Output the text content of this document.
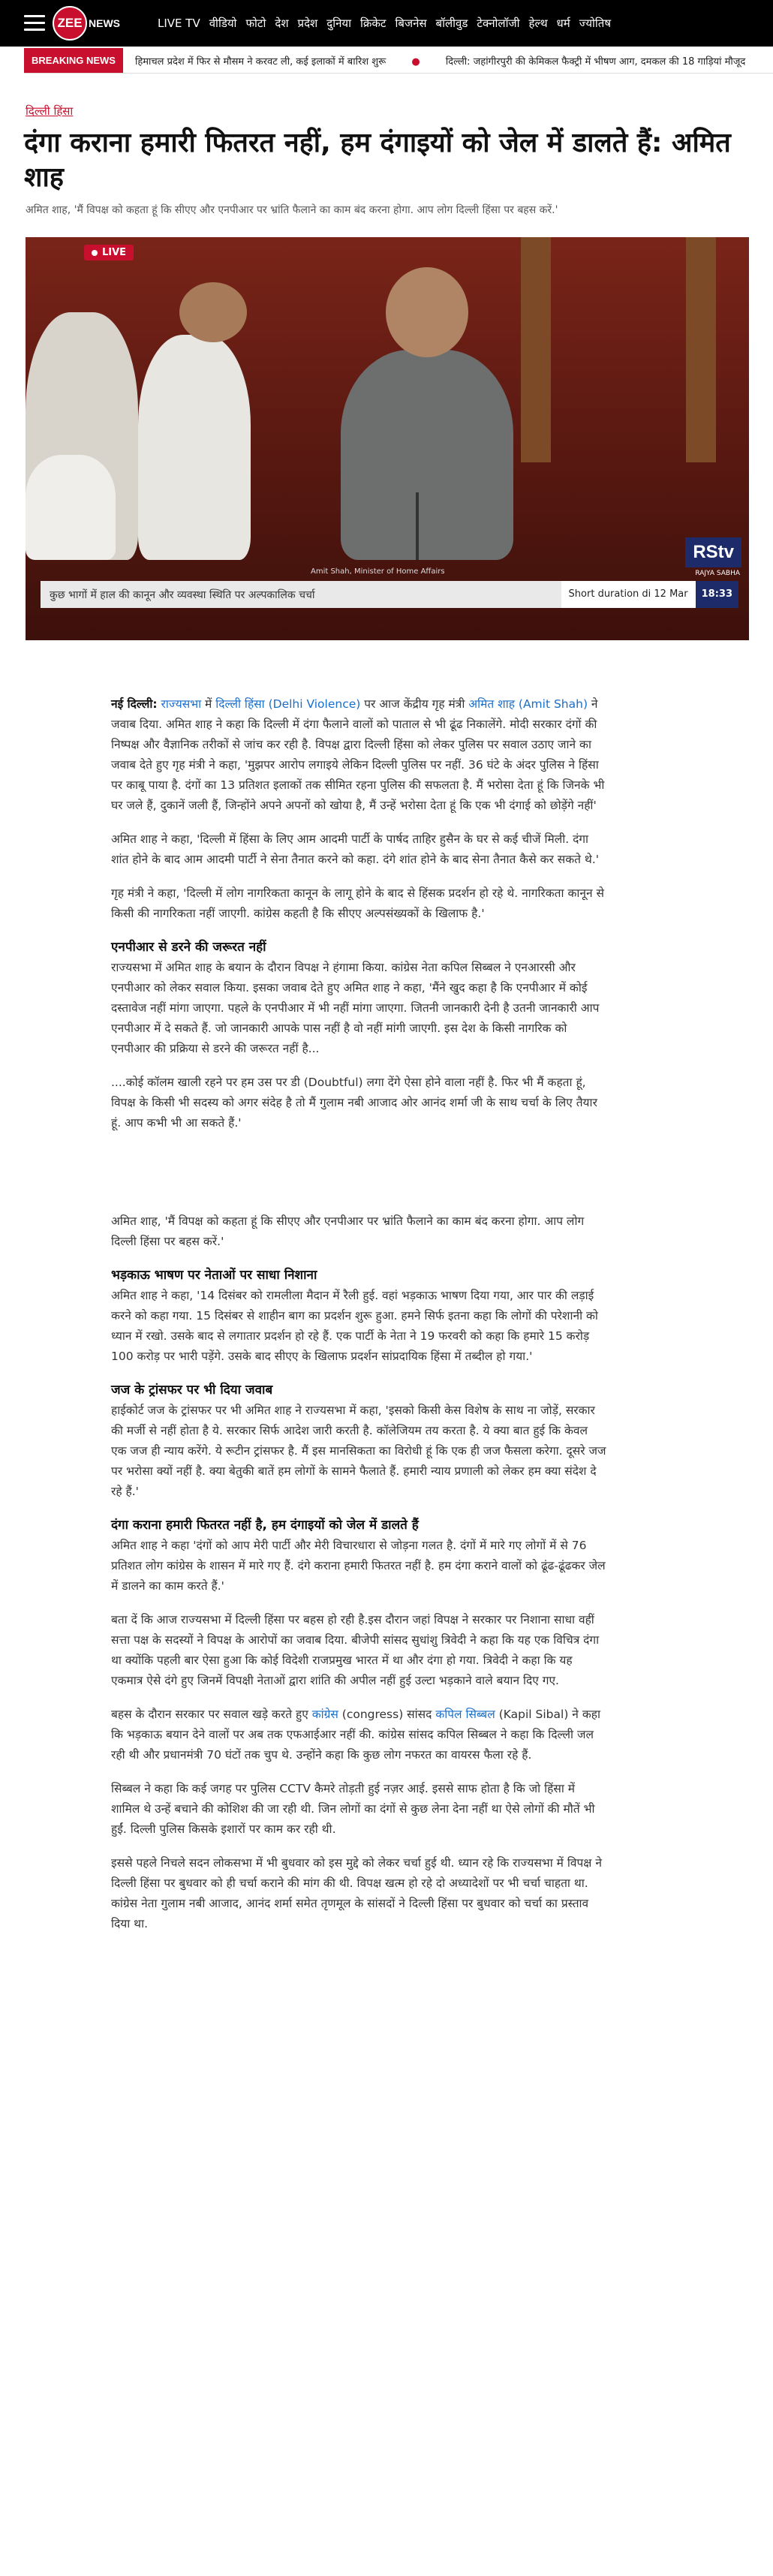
ZEE NEWS	LIVE TV वीडियो फोटो देश प्रदेश दुनिया क्रिकेट बिजनेस बॉलीवुड टेक्नोलॉजी हेल्थ धर्म ज्योतिष
BREAKING NEWS	हिमाचल प्रदेश में फिर से मौसम ने करवट ली, कई इलाकों में बारिश शुरू	●	दिल्ली: जहांगीरपुरी की केमिकल फैक्ट्री में भीषण आग, दमकल की 18 गाड़ियां मौजूद
दिल्ली हिंसा
दंगा कराना हमारी फितरत नहीं, हम दंगाइयों को जेल में डालते हैं: अमित शाह
अमित शाह, 'मैं विपक्ष को कहता हूं कि सीएए और एनपीआर पर भ्रांति फैलाने का काम बंद करना होगा. आप लोग दिल्ली हिंसा पर बहस करें.'
LIVE
RStv
RAJYA SABHA
Amit Shah, Minister of Home Affairs
कुछ भागों में हाल की कानून और व्यवस्था स्थिति पर अल्पकालिक चर्चा	Short duration di 12 Mar	18:33

नई दिल्ली: राज्यसभा में दिल्ली हिंसा (Delhi Violence) पर आज केंद्रीय गृह मंत्री अमित शाह (Amit Shah) ने जवाब दिया. अमित शाह ने कहा कि दिल्ली में दंगा फैलाने वालों को पाताल से भी ढूंढ निकालेंगे. मोदी सरकार दंगों की निष्पक्ष और वैज्ञानिक तरीकों से जांच कर रही है. विपक्ष द्वारा दिल्ली हिंसा को लेकर पुलिस पर सवाल उठाए जाने का जवाब देते हुए गृह मंत्री ने कहा, 'मुझपर आरोप लगाइये लेकिन दिल्ली पुलिस पर नहीं. 36 घंटे के अंदर पुलिस ने हिंसा पर काबू पाया है. दंगों का 13 प्रतिशत इलाकों तक सीमित रहना पुलिस की सफलता है. मैं भरोसा देता हूं कि जिनके भी घर जले हैं, दुकानें जली हैं, जिन्होंने अपने अपनों को खोया है, मैं उन्हें भरोसा देता हूं कि एक भी दंगाई को छोड़ेंगे नहीं'

अमित शाह ने कहा, 'दिल्ली में हिंसा के लिए आम आदमी पार्टी के पार्षद ताहिर हुसैन के घर से कई चीजें मिली. दंगा शांत होने के बाद आम आदमी पार्टी ने सेना तैनात करने को कहा. दंगे शांत होने के बाद सेना तैनात कैसे कर सकते थे.'

गृह मंत्री ने कहा, 'दिल्ली में लोग नागरिकता कानून के लागू होने के बाद से हिंसक प्रदर्शन हो रहे थे. नागरिकता कानून से किसी की नागरिकता नहीं जाएगी. कांग्रेस कहती है कि सीएए अल्पसंख्यकों के खिलाफ है.'

एनपीआर से डरने की जरूरत नहीं

राज्यसभा में अमित शाह के बयान के दौरान विपक्ष ने हंगामा किया. कांग्रेस नेता कपिल सिब्बल ने एनआरसी और एनपीआर को लेकर सवाल किया. इसका जवाब देते हुए अमित शाह ने कहा, 'मैंने खुद कहा है कि एनपीआर में कोई दस्तावेज नहीं मांगा जाएगा. पहले के एनपीआर में भी नहीं मांगा जाएगा. जितनी जानकारी देनी है उतनी जानकारी आप एनपीआर में दे सकते हैं. जो जानकारी आपके पास नहीं है वो नहीं मांगी जाएगी. इस देश के किसी नागरिक को एनपीआर की प्रक्रिया से डरने की जरूरत नहीं है...

....कोई कॉलम खाली रहने पर हम उस पर डी (Doubtful) लगा देंगे ऐसा होने वाला नहीं है. फिर भी मैं कहता हूं, विपक्ष के किसी भी सदस्य को अगर संदेह है तो मैं गुलाम नबी आजाद ओर आनंद शर्मा जी के साथ चर्चा के लिए तैयार हूं. आप कभी भी आ सकते हैं.'

अमित शाह, 'मैं विपक्ष को कहता हूं कि सीएए और एनपीआर पर भ्रांति फैलाने का काम बंद करना होगा. आप लोग दिल्ली हिंसा पर बहस करें.'

भड़काऊ भाषण पर नेताओं पर साधा निशाना

अमित शाह ने कहा, '14 दिसंबर को रामलीला मैदान में रैली हुई. वहां भड़काऊ भाषण दिया गया, आर पार की लड़ाई करने को कहा गया. 15 दिसंबर से शाहीन बाग का प्रदर्शन शुरू हुआ. हमने सिर्फ इतना कहा कि लोगों की परेशानी को ध्यान में रखो. उसके बाद से लगातार प्रदर्शन हो रहे हैं. एक पार्टी के नेता ने 19 फरवरी को कहा कि हमारे 15 करोड़ 100 करोड़ पर भारी पड़ेंगे. उसके बाद सीएए के खिलाफ प्रदर्शन सांप्रदायिक हिंसा में तब्दील हो गया.'

जज के ट्रांसफर पर भी दिया जवाब

हाईकोर्ट जज के ट्रांसफर पर भी अमित शाह ने राज्यसभा में कहा, 'इसको किसी केस विशेष के साथ ना जोड़ें, सरकार की मर्जी से नहीं होता है ये. सरकार सिर्फ आदेश जारी करती है. कॉलेजियम तय करता है. ये क्या बात हुई कि केवल एक जज ही न्याय करेंगे. ये रूटीन ट्रांसफर है. मैं इस मानसिकता का विरोधी हूं कि एक ही जज फैसला करेगा. दूसरे जज पर भरोसा क्यों नहीं है. क्या बेतुकी बातें हम लोगों के सामने फैलाते हैं. हमारी न्याय प्रणाली को लेकर हम क्या संदेश दे रहे हैं.'

दंगा कराना हमारी फितरत नहीं है, हम दंगाइयों को जेल में डालते हैं

अमित शाह ने कहा 'दंगों को आप मेरी पार्टी और मेरी विचारधारा से जोड़ना गलत है. दंगों में मारे गए लोगों में से 76 प्रतिशत लोग कांग्रेस के शासन में मारे गए हैं. दंगे कराना हमारी फितरत नहीं है. हम दंगा कराने वालों को ढूंढ-ढूंढकर जेल में डालने का काम करते हैं.'

बता दें कि आज राज्यसभा में दिल्ली हिंसा पर बहस हो रही है.इस दौरान जहां विपक्ष ने सरकार पर निशाना साधा वहीं सत्ता पक्ष के सदस्यों ने विपक्ष के आरोपों का जवाब दिया. बीजेपी सांसद सुधांशु त्रिवेदी ने कहा कि यह एक विचित्र दंगा था क्योंकि पहली बार ऐसा हुआ कि कोई विदेशी राजप्रमुख भारत में था और दंगा हो गया. त्रिवेदी ने कहा कि यह एकमात्र ऐसे दंगे हुए जिनमें विपक्षी नेताओं द्वारा शांति की अपील नहीं हुई उल्टा भड़काने वाले बयान दिए गए.

बहस के दौरान सरकार पर सवाल खड़े करते हुए कांग्रेस (congress) सांसद कपिल सिब्बल (Kapil Sibal) ने कहा कि भड़काऊ बयान देने वालों पर अब तक एफआईआर नहीं की. कांग्रेस सांसद कपिल सिब्बल ने कहा कि दिल्ली जल रही थी और प्रधानमंत्री 70 घंटों तक चुप थे. उन्होंने कहा कि कुछ लोग नफरत का वायरस फैला रहे हैं.

सिब्बल ने कहा कि कई जगह पर पुलिस CCTV कैमरे तोड़ती हुई नज़र आई. इससे साफ होता है कि जो हिंसा में शामिल थे उन्हें बचाने की कोशिश की जा रही थी. जिन लोगों का दंगों से कुछ लेना देना नहीं था ऐसे लोगों की मौतें भी हुईं. दिल्ली पुलिस किसके इशारों पर काम कर रही थी.

इससे पहले निचले सदन लोकसभा में भी बुधवार को इस मुद्दे को लेकर चर्चा हुई थी. ध्यान रहे कि राज्यसभा में विपक्ष ने दिल्ली हिंसा पर बुधवार को ही चर्चा कराने की मांग की थी. विपक्ष खत्म हो रहे दो अध्यादेशों पर भी चर्चा चाहता था. कांग्रेस नेता गुलाम नबी आजाद, आनंद शर्मा समेत तृणमूल के सांसदों ने दिल्ली हिंसा पर बुधवार को चर्चा का प्रस्ताव दिया था.
